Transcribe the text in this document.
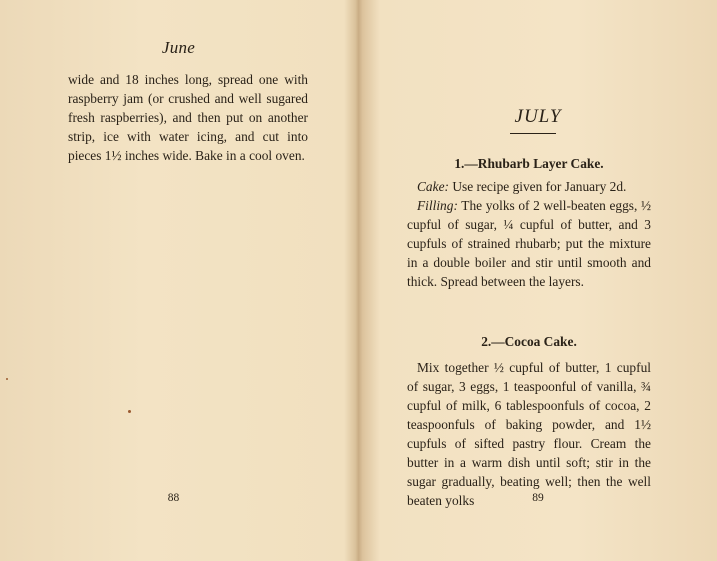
June

wide and 18 inches long, spread one with raspberry jam (or crushed and well sugared fresh raspberries), and then put on another strip, ice with water icing, and cut into pieces 1½ inches wide. Bake in a cool oven.

88
JULY
1.—Rhubarb Layer Cake.

Cake: Use recipe given for January 2d.

Filling: The yolks of 2 well-beaten eggs, ½ cupful of sugar, ¼ cupful of butter, and 3 cupfuls of strained rhubarb; put the mixture in a double boiler and stir until smooth and thick. Spread between the layers.

2.—Cocoa Cake.

Mix together ½ cupful of butter, 1 cupful of sugar, 3 eggs, 1 teaspoonful of vanilla, ¾ cupful of milk, 6 tablespoonfuls of cocoa, 2 teaspoonfuls of baking powder, and 1½ cupfuls of sifted pastry flour. Cream the butter in a warm dish until soft; stir in the sugar gradually, beating well; then the well beaten yolks	89
